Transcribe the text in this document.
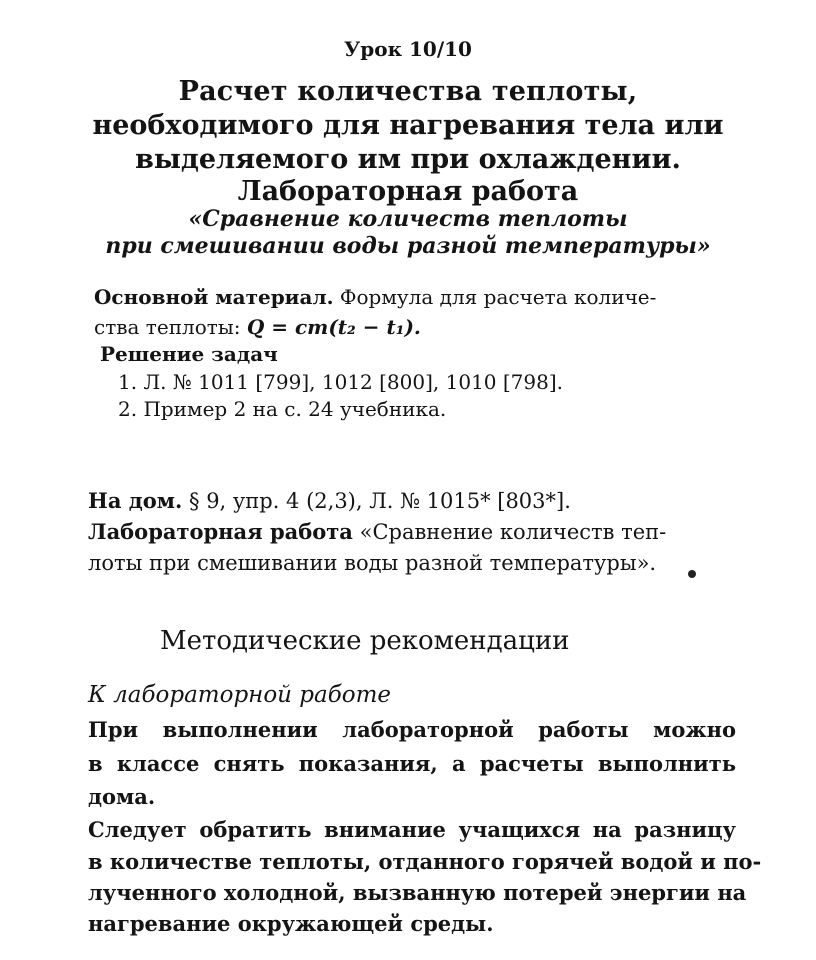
Урок 10/10
Расчет количества теплоты,
необходимого для нагревания тела или
выделяемого им при охлаждении.
Лабораторная работа
«Сравнение количеств теплоты
при смешивании воды разной температуры»
Основной материал. Формула для расчета количе-
ства теплоты: Q = cm(t₂ − t₁).
Решение задач
1. Л. № 1011 [799], 1012 [800], 1010 [798].
2. Пример 2 на с. 24 учебника.
На дом. § 9, упр. 4 (2,3), Л. № 1015* [803*].
Лабораторная работа «Сравнение количеств теп-
лоты при смешивании воды разной температуры».
Методические рекомендации
К лабораторной работе
При выполнении лабораторной работы можно
в классе снять показания, а расчеты выполнить
дома.
Следует обратить внимание учащихся на разницу
в количестве теплоты, отданного горячей водой и по-
лученного холодной, вызванную потерей энергии на
нагревание окружающей среды.
